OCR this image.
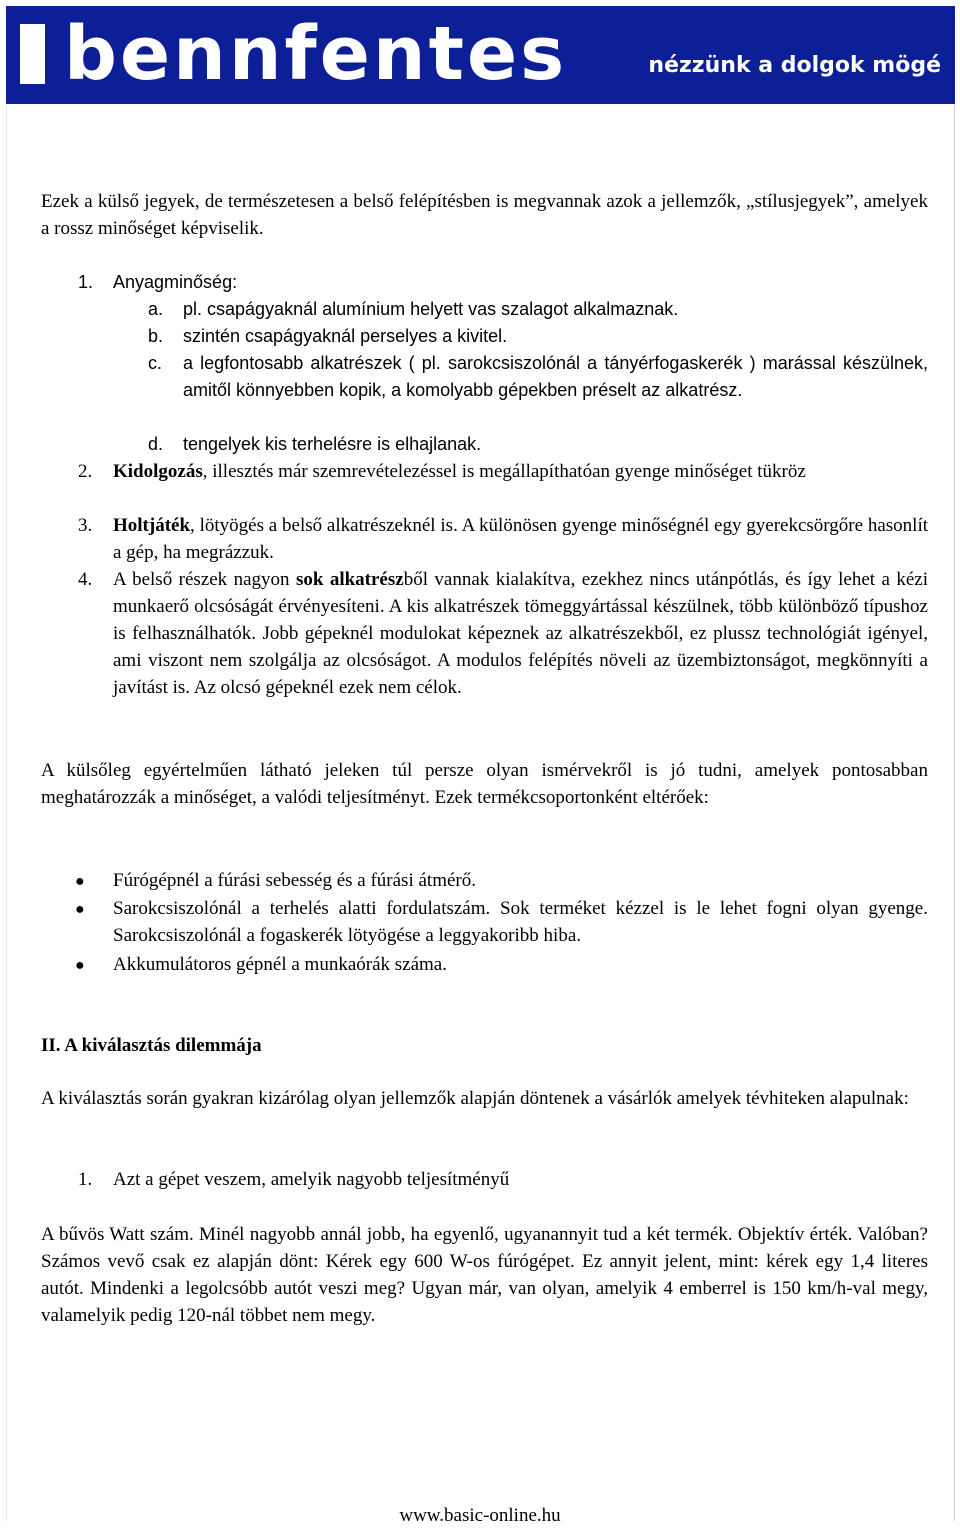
bennfentes	nézzünk a dolgok mögé
Ezek a külső jegyek, de természetesen a belső felépítésben is megvannak azok a jellemzők, „stílusjegyek”, amelyek a rossz minőséget képviselik.
1. Anyagminőség:
a. pl. csapágyaknál alumínium helyett vas szalagot alkalmaznak.
b. szintén csapágyaknál perselyes a kivitel.
c. a legfontosabb alkatrészek ( pl. sarokcsiszolónál a tányérfogaskerék ) marással készülnek, amitől könnyebben kopik, a komolyabb gépekben préselt az alkatrész.
d. tengelyek kis terhelésre is elhajlanak.
2. Kidolgozás, illesztés már szemrevételezéssel is megállapíthatóan gyenge minőséget tükröz
3. Holtjáték, lötyögés a belső alkatrészeknél is. A különösen gyenge minőségnél egy gyerekcsörgőre hasonlít a gép, ha megrázzuk.
4. A belső részek nagyon sok alkatrészből vannak kialakítva, ezekhez nincs utánpótlás, és így lehet a kézi munkaerő olcsóságát érvényesíteni. A kis alkatrészek tömeggyártással készülnek, több különböző típushoz is felhasználhatók. Jobb gépeknél modulokat képeznek az alkatrészekből, ez plussz technológiát igényel, ami viszont nem szolgálja az olcsóságot. A modulos felépítés növeli az üzembiztonságot, megkönnyíti a javítást is. Az olcsó gépeknél ezek nem célok.
A külsőleg egyértelműen látható jeleken túl persze olyan ismérvekről is jó tudni, amelyek pontosabban meghatározzák a minőséget, a valódi teljesítményt. Ezek termékcsoportonként eltérőek:
● Fúrógépnél a fúrási sebesség és a fúrási átmérő.
● Sarokcsiszolónál a terhelés alatti fordulatszám. Sok terméket kézzel is le lehet fogni olyan gyenge. Sarokcsiszolónál a fogaskerék lötyögése a leggyakoribb hiba.
● Akkumulátoros gépnél a munkaórák száma.
II. A kiválasztás dilemmája
A kiválasztás során gyakran kizárólag olyan jellemzők alapján döntenek a vásárlók amelyek tévhiteken alapulnak:
1. Azt a gépet veszem, amelyik nagyobb teljesítményű
A bűvös Watt szám. Minél nagyobb annál jobb, ha egyenlő, ugyanannyit tud a két termék. Objektív érték. Valóban? Számos vevő csak ez alapján dönt: Kérek egy 600 W-os fúrógépet. Ez annyit jelent, mint: kérek egy 1,4 literes autót. Mindenki a legolcsóbb autót veszi meg? Ugyan már, van olyan, amelyik 4 emberrel is 150 km/h-val megy, valamelyik pedig 120-nál többet nem megy.
www.basic-online.hu
